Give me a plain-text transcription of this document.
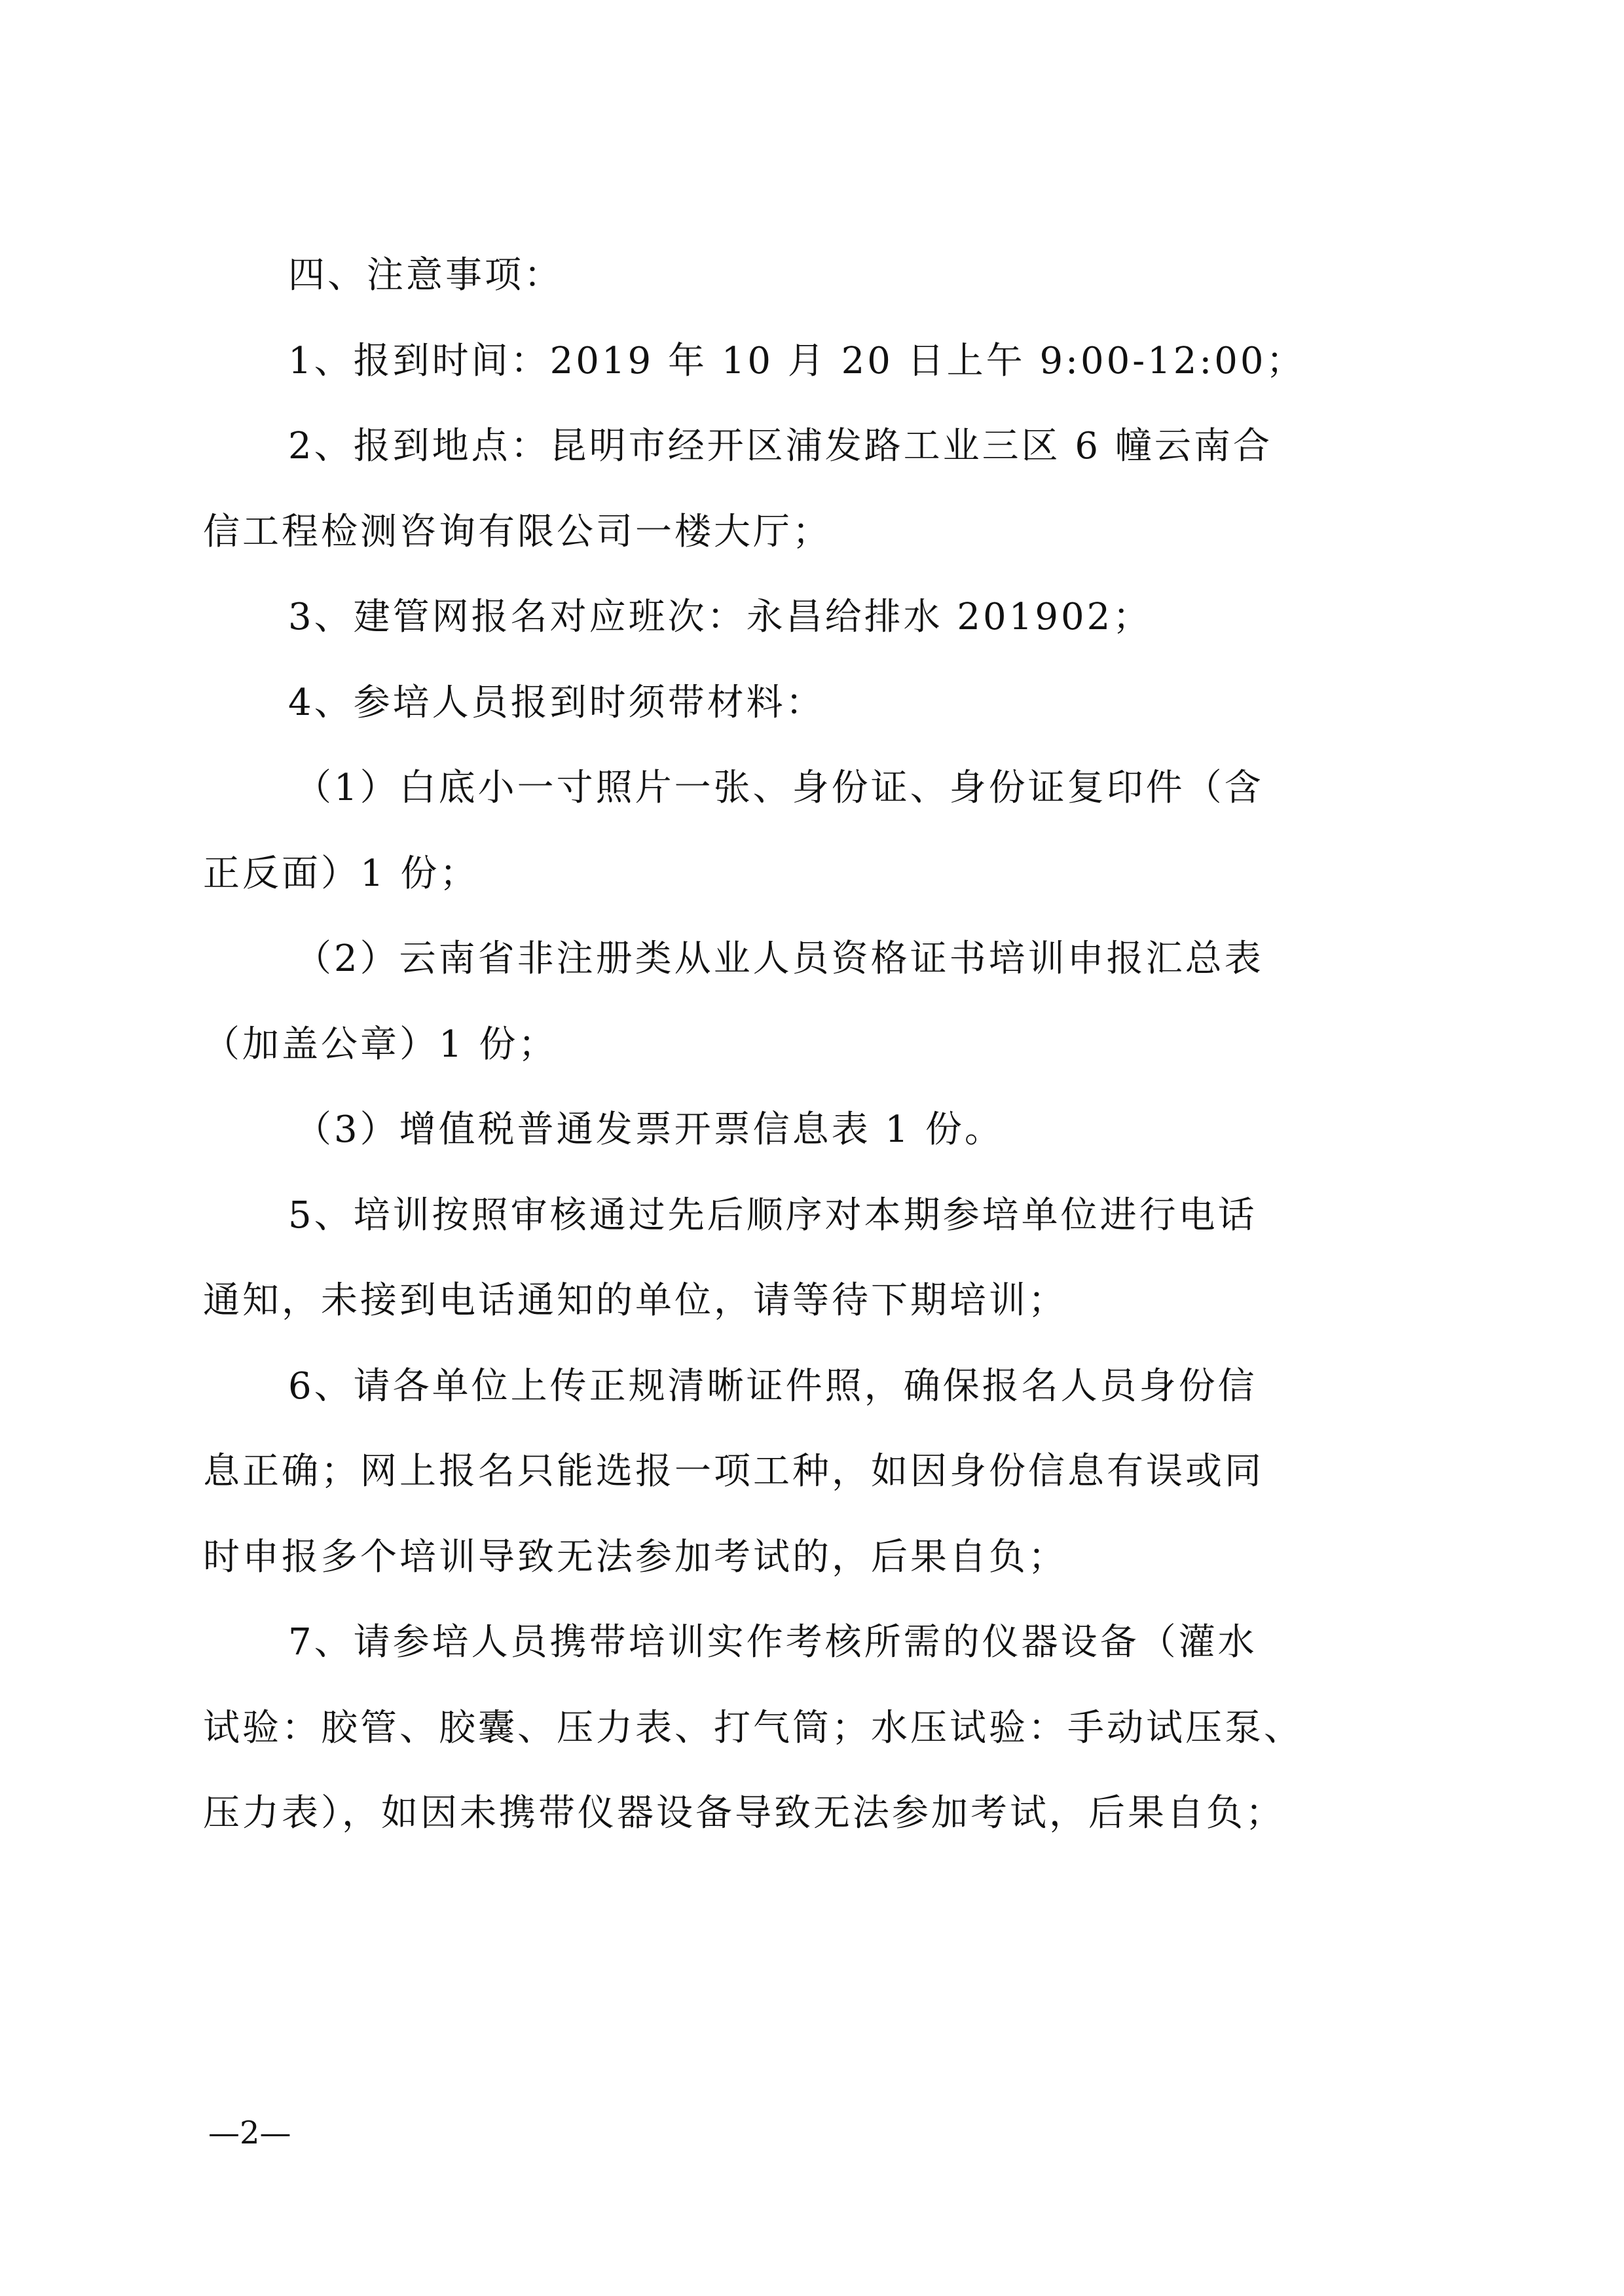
四、注意事项：
1、报到时间：2019 年 10 月 20 日上午 9:00-12:00；
2、报到地点：昆明市经开区浦发路工业三区 6 幢云南合
信工程检测咨询有限公司一楼大厅；
3、建管网报名对应班次：永昌给排水 201902；
4、参培人员报到时须带材料：
（1）白底小一寸照片一张、身份证、身份证复印件（含
正反面）1 份；
（2）云南省非注册类从业人员资格证书培训申报汇总表
（加盖公章）1 份；
（3）增值税普通发票开票信息表 1 份。
5、培训按照审核通过先后顺序对本期参培单位进行电话
通知，未接到电话通知的单位，请等待下期培训；
6、请各单位上传正规清晰证件照，确保报名人员身份信
息正确；网上报名只能选报一项工种，如因身份信息有误或同
时申报多个培训导致无法参加考试的，后果自负；
7、请参培人员携带培训实作考核所需的仪器设备（灌水
试验：胶管、胶囊、压力表、打气筒；水压试验：手动试压泵、
压力表），如因未携带仪器设备导致无法参加考试，后果自负；
—2—
